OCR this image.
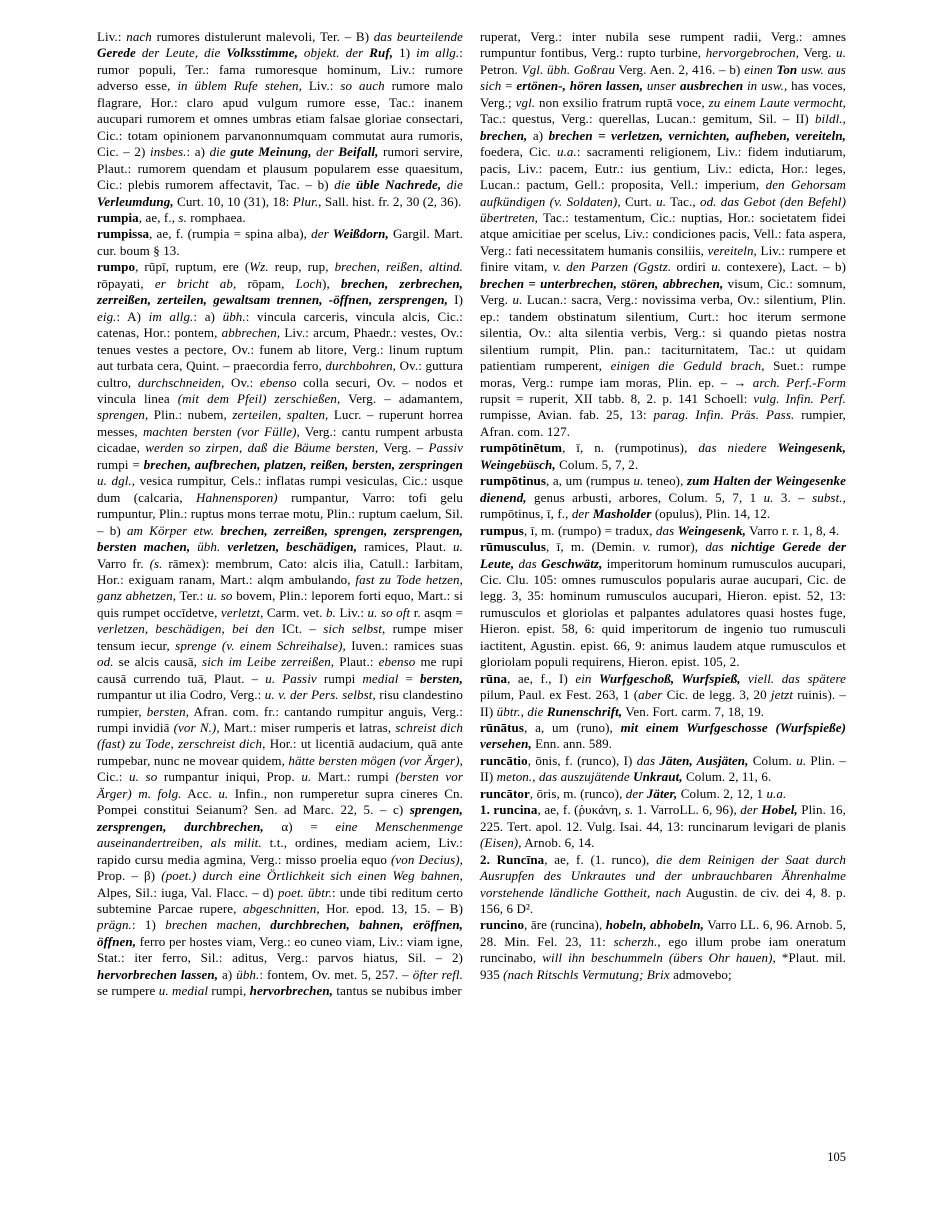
Liv.: nach rumores distulerunt malevoli, Ter. – B) das beurteilende Gerede der Leute, die Volksstimme, objekt. der Ruf, 1) im allg.: rumor populi, Ter.: fama rumoresque hominum, Liv.: rumore adverso esse, in üblem Rufe stehen, Liv.: so auch rumore malo flagrare, Hor.: claro apud vulgum rumore esse, Tac.: inanem aucupari rumorem et omnes umbras etiam falsae gloriae consectari, Cic.: totam opinionem parvanonnumquam commutat aura rumoris, Cic. – 2) insbes.: a) die gute Meinung, der Beifall, rumori servire, Plaut.: rumorem quendam et plausum popularem esse quaesitum, Cic.: plebis rumorem affectavit, Tac. – b) die üble Nachrede, die Verleumdung, Curt. 10, 10 (31), 18: Plur., Sall. hist. fr. 2, 30 (2, 36).

rumpia, ae, f., s. romphaea.

rumpissa, ae, f. (rumpia = spina alba), der Weißdorn, Gargil. Mart. cur. boum § 13.

rumpo, rūpī, ruptum, ere (Wz. reup, rup, brechen, reißen, altind. rōpayati, er bricht ab, rōpam, Loch), brechen, zerbrechen, zerreißen, zerteilen, gewaltsam trennen, -öffnen, zersprengen, I) eig.: A) im allg.: a) übh.: vincula carceris, vincula alcis, Cic.: catenas, Hor.: pontem, abbrechen, Liv.: arcum, Phaedr.: vestes, Ov.: tenues vestes a pectore, Ov.: funem ab litore, Verg.: linum ruptum aut turbata cera, Quint. – praecordia ferro, durchbohren, Ov.: guttura cultro, durchschneiden, Ov.: ebenso colla securi, Ov. – nodos et vincula linea (mit dem Pfeil) zerschießen, Verg. – adamantem, sprengen, Plin.: nubem, zerteilen, spalten, Lucr. – ruperunt horrea messes, machten bersten (vor Fülle), Verg.: cantu rumpent arbusta cicadae, werden so zirpen, daß die Bäume bersten, Verg. – Passiv rumpi = brechen, aufbrechen, platzen, reißen, bersten, zerspringen u. dgl., vesica rumpitur, Cels.: inflatas rumpi vesiculas, Cic.: usque dum (calcaria, Hahnensporen) rumpantur, Varro: tofi gelu rumpuntur, Plin.: ruptus mons terrae motu, Plin.: ruptum caelum, Sil. – b) am Körper etw. brechen, zerreißen, sprengen, zersprengen, bersten machen, übh. verletzen, beschädigen, ramices, Plaut. u. Varro fr. (s. rāmex): membrum, Cato: alcis ilia, Catull.: Iarbitam, Hor.: exiguam ranam, Mart.: alqm ambulando, fast zu Tode hetzen, ganz abhetzen, Ter.: u. so bovem, Plin.: leporem forti equo, Mart.: si quis rumpet occīdetve, verletzt, Carm. vet. b. Liv.: u. so oft r. asqm = verletzen, beschädigen, bei den ICt. – sich selbst, rumpe miser tensum iecur, sprenge (v. einem Schreihalse), Iuven.: ramices suas od. se alcis causā, sich im Leibe zerreißen, Plaut.: ebenso me rupi causā currendo tuā, Plaut. – u. Passiv rumpi medial = bersten, rumpantur ut ilia Codro, Verg.: u. v. der Pers. selbst, risu clandestino rumpier, bersten, Afran. com. fr.: cantando rumpitur anguis, Verg.: rumpi invidiā (vor N.), Mart.: miser rumperis et latras, schreist dich (fast) zu Tode, zerschreist dich, Hor.: ut licentiā audacium, quā ante rumpebar, nunc ne movear quidem, hätte bersten mögen (vor Ärger), Cic.: u. so rumpantur iniqui, Prop. u. Mart.: rumpi (bersten vor Ärger) m. folg. Acc. u. Infin., non rumperetur supra cineres Cn. Pompei constitui Seianum? Sen. ad Marc. 22, 5. – c) sprengen, zersprengen, durchbrechen, α) = eine Menschenmenge auseinandertreiben, als milit. t.t., ordines, mediam aciem, Liv.: rapido cursu media agmina, Verg.: misso proelia equo (von Decius), Prop. – β) (poet.) durch eine Örtlichkeit sich einen Weg bahnen, Alpes, Sil.: iuga, Val. Flacc. – d) poet. übtr.: unde tibi reditum certo subtemine Parcae rupere, abgeschnitten, Hor. epod. 13, 15. – B) prägn.: 1) brechen machen, durchbrechen, bahnen, eröffnen, öffnen, ferro per hostes viam, Verg.: eo cuneo viam, Liv.: viam igne, Stat.: iter ferro, Sil.: aditus, Verg.: parvos hiatus, Sil. – 2) hervorbrechen lassen, a) übh.: fontem, Ov. met. 5, 257. – öfter refl. se rumpere u. medial rumpi, hervorbrechen, tantus se nubibus imber

ruperat, Verg.: inter nubila sese rumpent radii, Verg.: amnes rumpuntur fontibus, Verg.: rupto turbine, hervorgebrochen, Verg. u. Petron. Vgl. übh. Goßrau Verg. Aen. 2, 416. – b) einen Ton usw. aus sich = ertönen-, hören lassen, unser ausbrechen in usw., has voces, Verg.; vgl. non exsilio fratrum ruptā voce, zu einem Laute vermocht, Tac.: questus, Verg.: querellas, Lucan.: gemitum, Sil. – II) bildl., brechen, a) brechen = verletzen, vernichten, aufheben, vereiteln, foedera, Cic. u.a.: sacramenti religionem, Liv.: fidem indutiarum, pacis, Liv.: pacem, Eutr.: ius gentium, Liv.: edicta, Hor.: leges, Lucan.: pactum, Gell.: proposita, Vell.: imperium, den Gehorsam aufkündigen (v. Soldaten), Curt. u. Tac., od. das Gebot (den Befehl) übertreten, Tac.: testamentum, Cic.: nuptias, Hor.: societatem fidei atque amicitiae per scelus, Liv.: condiciones pacis, Vell.: fata aspera, Verg.: fati necessitatem humanis consiliis, vereiteln, Liv.: rumpere et finire vitam, v. den Parzen (Ggstz. ordiri u. contexere), Lact. – b) brechen = unterbrechen, stören, abbrechen, visum, Cic.: somnum, Verg. u. Lucan.: sacra, Verg.: novissima verba, Ov.: silentium, Plin. ep.: tandem obstinatum silentium, Curt.: hoc iterum sermone silentia, Ov.: alta silentia verbis, Verg.: si quando pietas nostra silentium rumpit, Plin. pan.: taciturnitatem, Tac.: ut quidam patientiam rumperent, einigen die Geduld brach, Suet.: rumpe moras, Verg.: rumpe iam moras, Plin. ep. – → arch. Perf.-Form rupsit = ruperit, XII tabb. 8, 2. p. 141 Schoell: vulg. Infin. Perf. rumpisse, Avian. fab. 25, 13: parag. Infin. Präs. Pass. rumpier, Afran. com. 127.

rumpōtinētum, ī, n. (rumpotinus), das niedere Weingesenk, Weingebüsch, Colum. 5, 7, 2.

rumpōtinus, a, um (rumpus u. teneo), zum Halten der Weingesenke dienend, genus arbusti, arbores, Colum. 5, 7, 1 u. 3. – subst., rumpōtinus, ī, f., der Masholder (opulus), Plin. 14, 12.

rumpus, ī, m. (rumpo) = tradux, das Weingesenk, Varro r. r. 1, 8, 4.

rūmusculus, ī, m. (Demin. v. rumor), das nichtige Gerede der Leute, das Geschwätz, imperitorum hominum rumusculos aucupari, Cic. Clu. 105: omnes rumusculos popularis aurae aucupari, Cic. de legg. 3, 35: hominum rumusculos aucupari, Hieron. epist. 52, 13: rumusculos et gloriolas et palpantes adulatores quasi hostes fuge, Hieron. epist. 58, 6: quid imperitorum de ingenio tuo rumusculi iactitent, Agustin. epist. 66, 9: animus laudem atque rumusculos et gloriolam populi requirens, Hieron. epist. 105, 2.

rūna, ae, f., I) ein Wurfgeschoß, Wurfspieß, viell. das spätere pilum, Paul. ex Fest. 263, 1 (aber Cic. de legg. 3, 20 jetzt ruinis). – II) übtr., die Runenschrift, Ven. Fort. carm. 7, 18, 19.

rūnātus, a, um (runo), mit einem Wurfgeschosse (Wurfspieße) versehen, Enn. ann. 589.

runcātio, ōnis, f. (runco), I) das Jäten, Ausjäten, Colum. u. Plin. – II) meton., das auszujätende Unkraut, Colum. 2, 11, 6.

runcātor, ōris, m. (runco), der Jäter, Colum. 2, 12, 1 u.a.

1. runcina, ae, f. (ῥυκάνη, s. 1. VarroLL. 6, 96), der Hobel, Plin. 16, 225. Tert. apol. 12. Vulg. Isai. 44, 13: runcinarum levigari de planis (Eisen), Arnob. 6, 14.

2. Runcīna, ae, f. (1. runco), die dem Reinigen der Saat durch Ausrupfen des Unkrautes und der unbrauchbaren Ährenhalme vorstehende ländliche Gottheit, nach Augustin. de civ. dei 4, 8. p. 156, 6 D².

runcino, āre (runcina), hobeln, abhobeln, Varro LL. 6, 96. Arnob. 5, 28. Min. Fel. 23, 11: scherzh., ego illum probe iam oneratum runcinabo, will ihn beschummeln (übers Ohr hauen), *Plaut. mil. 935 (nach Ritschls Vermutung; Brix admovebo;

105
